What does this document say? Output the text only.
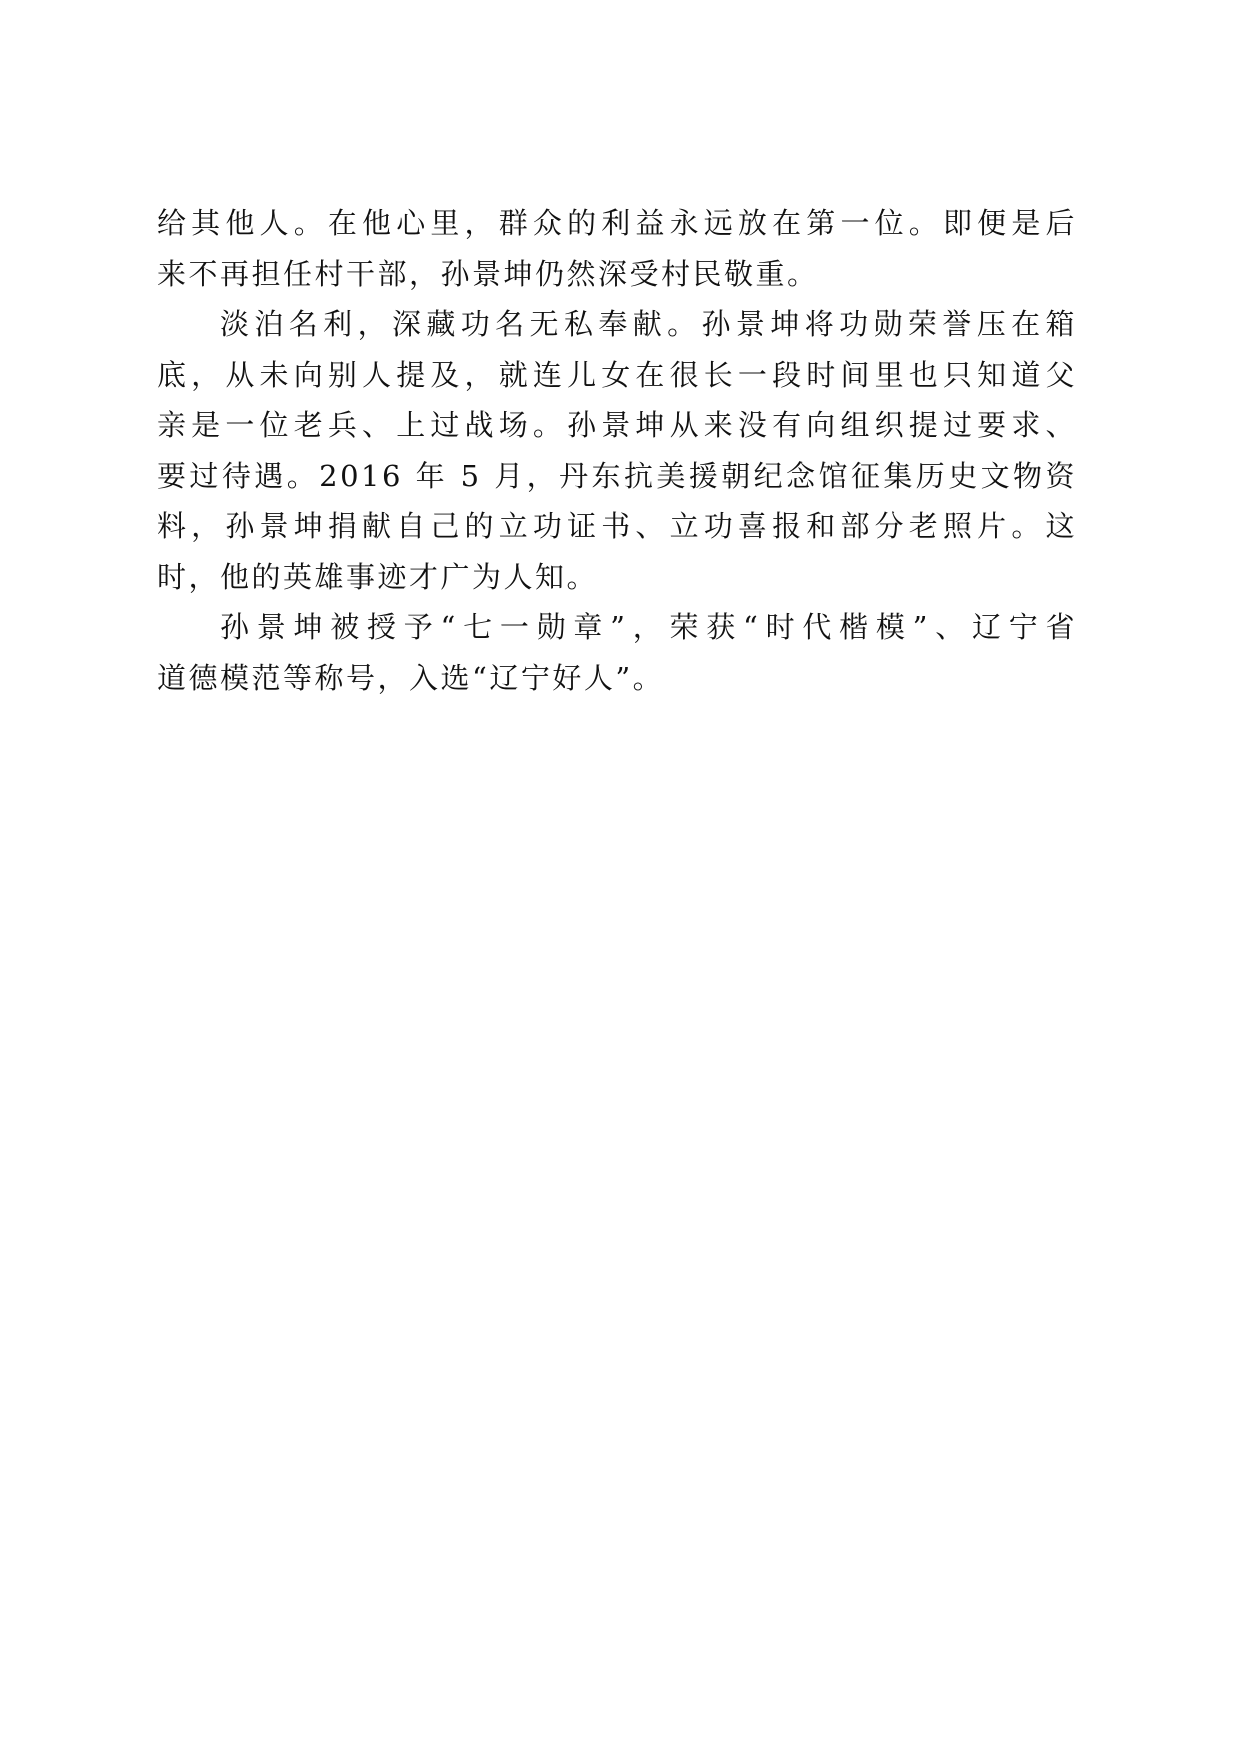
给其他人。在他心里，群众的利益永远放在第一位。即便是后
来不再担任村干部，孙景坤仍然深受村民敬重。

淡泊名利，深藏功名无私奉献。孙景坤将功勋荣誉压在箱
底，从未向别人提及，就连儿女在很长一段时间里也只知道父
亲是一位老兵、上过战场。孙景坤从来没有向组织提过要求、
要过待遇。2016 年 5 月，丹东抗美援朝纪念馆征集历史文物资
料，孙景坤捐献自己的立功证书、立功喜报和部分老照片。这
时，他的英雄事迹才广为人知。

孙景坤被授予“七一勋章”，荣获“时代楷模”、辽宁省
道德模范等称号，入选“辽宁好人”。
